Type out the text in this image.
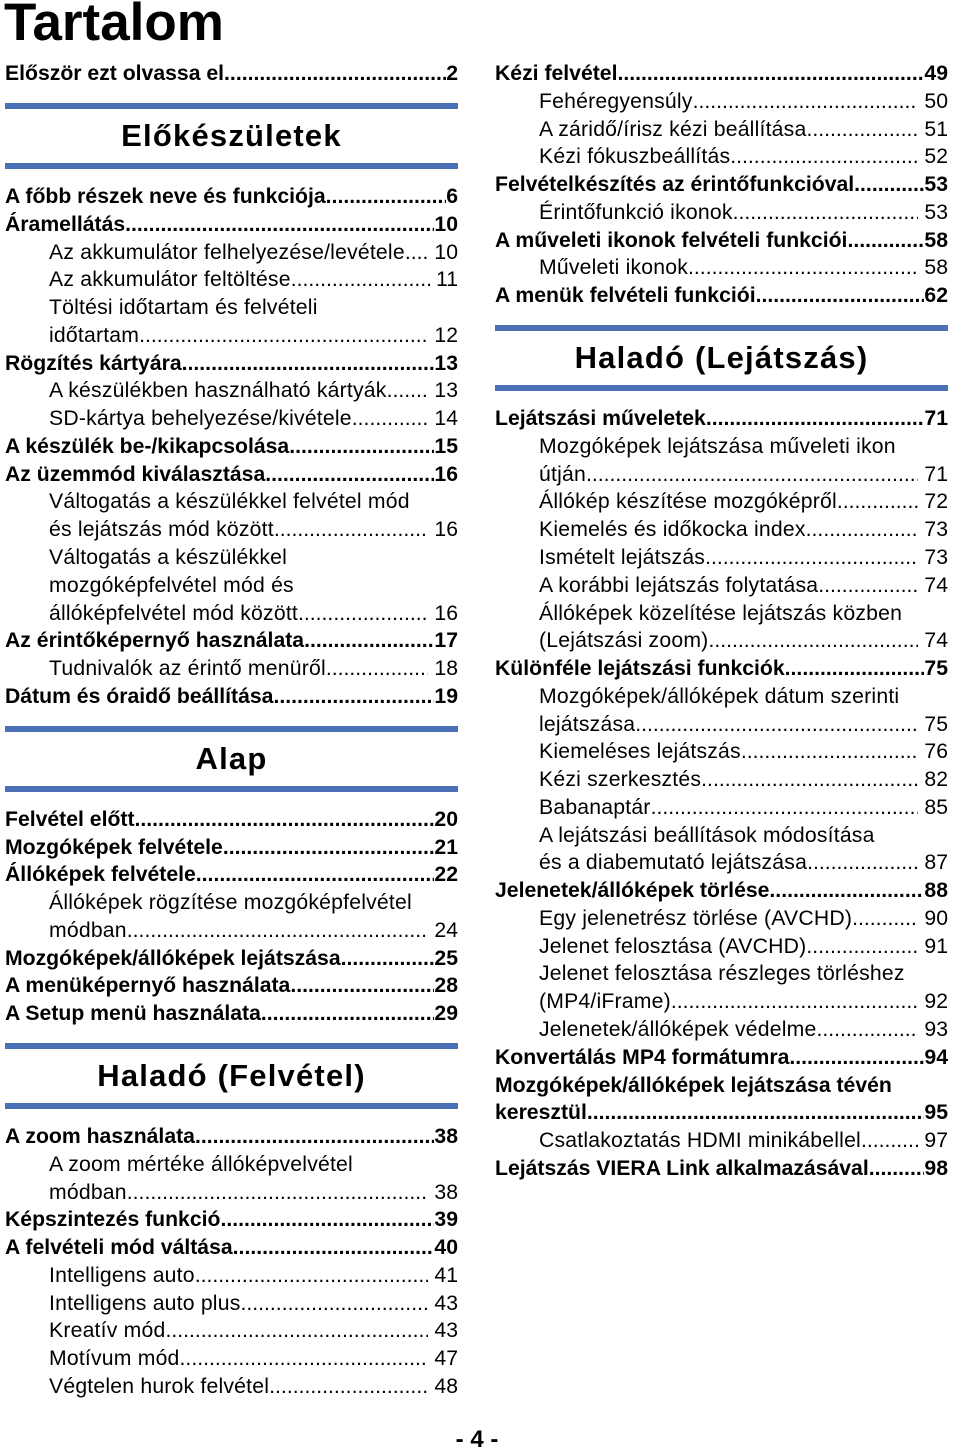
Tartalom
Először ezt olvassa el .....	2
Előkészületek
A főbb részek neve és funkciója .....	6
Áramellátás .....	10
Az akkumulátor felhelyezése/levétele ..... 10
Az akkumulátor feltöltése .....	11
Töltési időtartam és felvételi
időtartam .....	12
Rögzítés kártyára .....	13
A készülékben használható kártyák ..... 13
SD-kártya behelyezése/kivétele .....	14
A készülék be-/kikapcsolása .....	15
Az üzemmód kiválasztása .....	16
Váltogatás a készülékkel felvétel mód
és lejátszás mód között .....	16
Váltogatás a készülékkel
mozgóképfelvétel mód és
állóképfelvétel mód között .....	16
Az érintőképernyő használata .....	17
Tudnivalók az érintő menüről .....	18
Dátum és óraidő beállítása .....	19
Alap
Felvétel előtt .....	20
Mozgóképek felvétele .....	21
Állóképek felvétele .....	22
Állóképek rögzítése mozgóképfelvétel
módban .....	24
Mozgóképek/állóképek lejátszása .....	25
A menüképernyő használata .....	28
A Setup menü használata .....	29
Haladó (Felvétel)
A zoom használata .....	38
A zoom mértéke állóképvelvétel
módban .....	38
Képszintezés funkció .....	39
A felvételi mód váltása .....	40
Intelligens auto .....	41
Intelligens auto plus .....	43
Kreatív mód .....	43
Motívum mód .....	47
Végtelen hurok felvétel .....	48
Kézi felvétel .....	49
Fehéregyensúly .....	50
A záridő/írisz kézi beállítása .....	51
Kézi fókuszbeállítás .....	52
Felvételkészítés az érintőfunkcióval .....	53
Érintőfunkció ikonok .....	53
A műveleti ikonok felvételi funkciói .....	58
Műveleti ikonok .....	58
A menük felvételi funkciói .....	62
Haladó (Lejátszás)
Lejátszási műveletek .....	71
Mozgóképek lejátszása műveleti ikon
útján .....	71
Állókép készítése mozgóképről .....	72
Kiemelés és időkocka index .....	73
Ismételt lejátszás .....	73
A korábbi lejátszás folytatása .....	74
Állóképek közelítése lejátszás közben
(Lejátszási zoom) .....	74
Különféle lejátszási funkciók .....	75
Mozgóképek/állóképek dátum szerinti
lejátszása .....	75
Kiemeléses lejátszás .....	76
Kézi szerkesztés .....	82
Babanaptár .....	85
A lejátszási beállítások módosítása
és a diabemutató lejátszása .....	87
Jelenetek/állóképek törlése .....	88
Egy jelenetrész törlése (AVCHD) .....	90
Jelenet felosztása (AVCHD) .....	91
Jelenet felosztása részleges törléshez
(MP4/iFrame) .....	92
Jelenetek/állóképek védelme .....	93
Konvertálás MP4 formátumra .....	94
Mozgóképek/állóképek lejátszása tévén
keresztül .....	95
Csatlakoztatás HDMI minikábellel .....	97
Lejátszás VIERA Link alkalmazásával .....	98
- 4 -
